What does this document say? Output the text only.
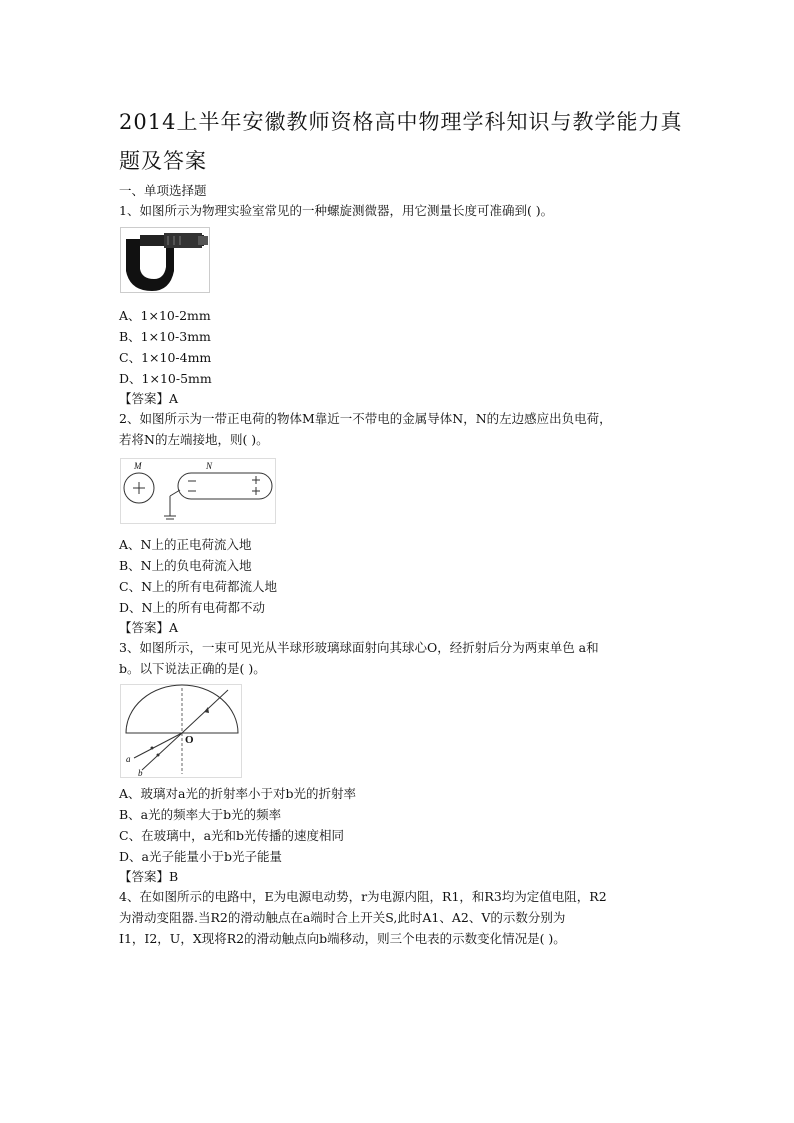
2014上半年安徽教师资格高中物理学科知识与教学能力真
题及答案
一、单项选择题
1、如图所示为物理实验室常见的一种螺旋测微器，用它测量长度可准确到( )。
A、1×10-2mm
B、1×10-3mm
C、1×10-4mm
D、1×10-5mm
【答案】A
2、如图所示为一带正电荷的物体M靠近一不带电的金属导体N，N的左边感应出负电荷，
若将N的左端接地，则( )。
M	N
A、N上的正电荷流入地
B、N上的负电荷流入地
C、N上的所有电荷都流人地
D、N上的所有电荷都不动
【答案】A
3、如图所示，一束可见光从半球形玻璃球面射向其球心O，经折射后分为两束单色 a和
b。以下说法正确的是( )。
O
a
b
A、玻璃对a光的折射率小于对b光的折射率
B、a光的频率大于b光的频率
C、在玻璃中，a光和b光传播的速度相同
D、a光子能量小于b光子能量
【答案】B
4、在如图所示的电路中，E为电源电动势，r为电源内阻，R1，和R3均为定值电阻，R2
为滑动变阻器.当R2的滑动触点在a端时合上开关S,此时A1、A2、V的示数分别为
I1，I2，U，X现将R2的滑动触点向b端移动，则三个电表的示数变化情况是( )。
